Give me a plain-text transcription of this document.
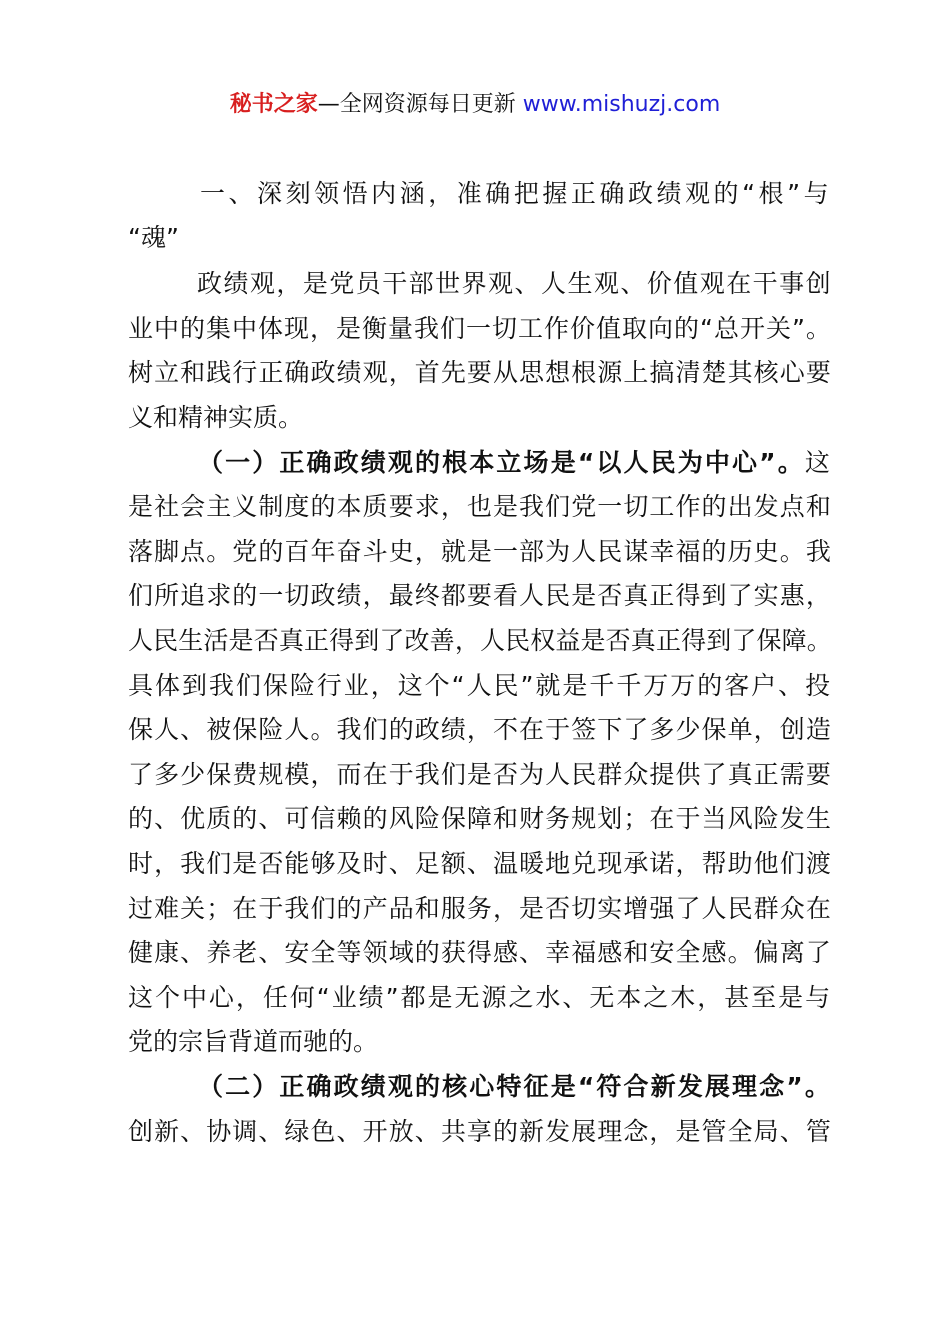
秘书之家—全网资源每日更新 www.mishuzj.com
一、深刻领悟内涵，准确把握正确政绩观的“根”与
“魂”
政绩观，是党员干部世界观、人生观、价值观在干事创
业中的集中体现，是衡量我们一切工作价值取向的“总开关”。
树立和践行正确政绩观，首先要从思想根源上搞清楚其核心要
义和精神实质。
（一）正确政绩观的根本立场是“以人民为中心”。这
是社会主义制度的本质要求，也是我们党一切工作的出发点和
落脚点。党的百年奋斗史，就是一部为人民谋幸福的历史。我
们所追求的一切政绩，最终都要看人民是否真正得到了实惠，
人民生活是否真正得到了改善，人民权益是否真正得到了保障。
具体到我们保险行业，这个“人民”就是千千万万的客户、投
保人、被保险人。我们的政绩，不在于签下了多少保单，创造
了多少保费规模，而在于我们是否为人民群众提供了真正需要
的、优质的、可信赖的风险保障和财务规划；在于当风险发生
时，我们是否能够及时、足额、温暖地兑现承诺，帮助他们渡
过难关；在于我们的产品和服务，是否切实增强了人民群众在
健康、养老、安全等领域的获得感、幸福感和安全感。偏离了
这个中心，任何“业绩”都是无源之水、无本之木，甚至是与
党的宗旨背道而驰的。
（二）正确政绩观的核心特征是“符合新发展理念”。
创新、协调、绿色、开放、共享的新发展理念，是管全局、管
